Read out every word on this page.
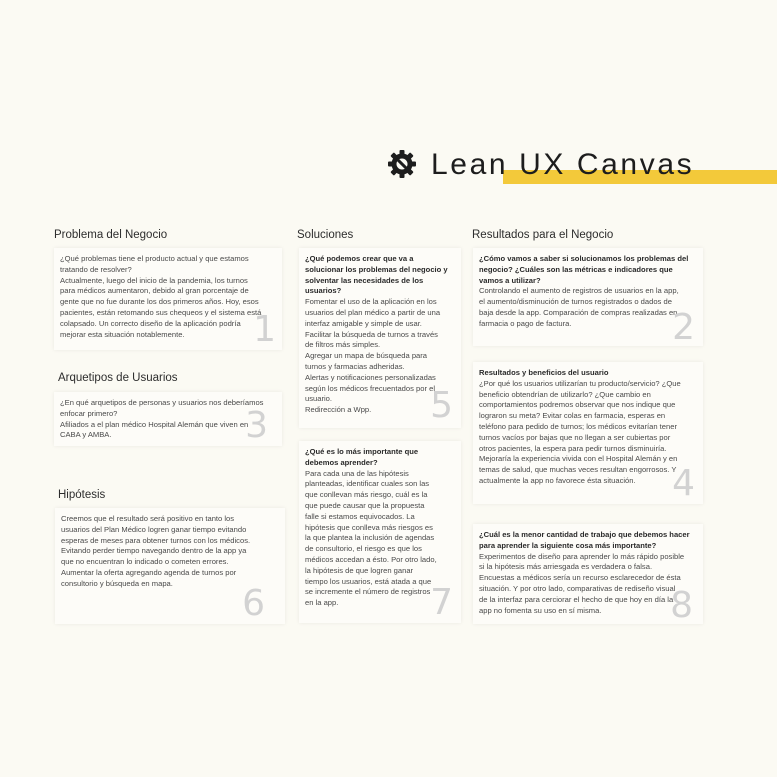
Lean UX Canvas
Problema del Negocio	Soluciones	Resultados para el Negocio
Arquetipos de Usuarios
Hipótesis
¿Qué problemas tiene el producto actual y que estamos
tratando de resolver?
Actualmente, luego del inicio de la pandemia, los turnos
para médicos aumentaron, debido al gran porcentaje de
gente que no fue durante los dos primeros años. Hoy, esos
pacientes, están retomando sus chequeos y el sistema está
colapsado. Un correcto diseño de la aplicación podría
mejorar esta situación notablemente.	1
¿Qué podemos crear que va a
solucionar los problemas del negocio y
solventar las necesidades de los
usuarios?
Fomentar el uso de la aplicación en los
usuarios del plan médico a partir de una
interfaz amigable y simple de usar.
Facilitar la búsqueda de turnos a través
de filtros más simples.
Agregar un mapa de búsqueda para
turnos y farmacias adheridas.
Alertas y notificaciones personalizadas
según los médicos frecuentados por el
usuario.
Redirección a Wpp.	5
¿Cómo vamos a saber si solucionamos los problemas del
negocio? ¿Cuáles son las métricas e indicadores que
vamos a utilizar?
Controlando el aumento de registros de usuarios en la app,
el aumento/disminución de turnos registrados o dados de
baja desde la app. Comparación de compras realizadas en
farmacia o pago de factura.	2
¿En qué arquetipos de personas y usuarios nos deberíamos
enfocar primero?
Afiliados a el plan médico Hospital Alemán que viven en
CABA y AMBA.	3
Resultados y beneficios del usuario
¿Por qué los usuarios utilizarían tu producto/servicio? ¿Que
beneficio obtendrían de utilizarlo? ¿Que cambio en
comportamientos podremos observar que nos indique que
lograron su meta? Evitar colas en farmacia, esperas en
teléfono para pedido de turnos; los médicos evitarían tener
turnos vacíos por bajas que no llegan a ser cubiertas por
otros pacientes, la espera para pedir turnos disminuiría.
Mejoraría la experiencia vivida con el Hospital Alemán y en
temas de salud, que muchas veces resultan engorrosos. Y
actualmente la app no favorece ésta situación.	4
¿Qué es lo más importante que
debemos aprender?
Para cada una de las hipótesis
planteadas, identificar cuales son las
que conllevan más riesgo, cuál es la
que puede causar que la propuesta
falle si estamos equivocados. La
hipótesis que conlleva más riesgos es
la que plantea la inclusión de agendas
de consultorio, el riesgo es que los
médicos accedan a ésto. Por otro lado,
la hipótesis de que logren ganar
tiempo los usuarios, está atada a que
se incremente el número de registros
en la app.	7
Creemos que el resultado será positivo en tanto los
usuarios del Plan Médico logren ganar tiempo evitando
esperas de meses para obtener turnos con los médicos.
Evitando perder tiempo navegando dentro de la app ya
que no encuentran lo indicado o cometen errores.
Aumentar la oferta agregando agenda de turnos por
consultorio y búsqueda en mapa.	6
¿Cuál es la menor cantidad de trabajo que debemos hacer
para aprender la siguiente cosa más importante?
Experimentos de diseño para aprender lo más rápido posible
si la hipótesis más arriesgada es verdadera o falsa.
Encuestas a médicos sería un recurso esclarecedor de ésta
situación. Y por otro lado, comparativas de rediseño visual
de la interfaz para cerciorar el hecho de que hoy en día la
app no fomenta su uso en sí misma.	8
